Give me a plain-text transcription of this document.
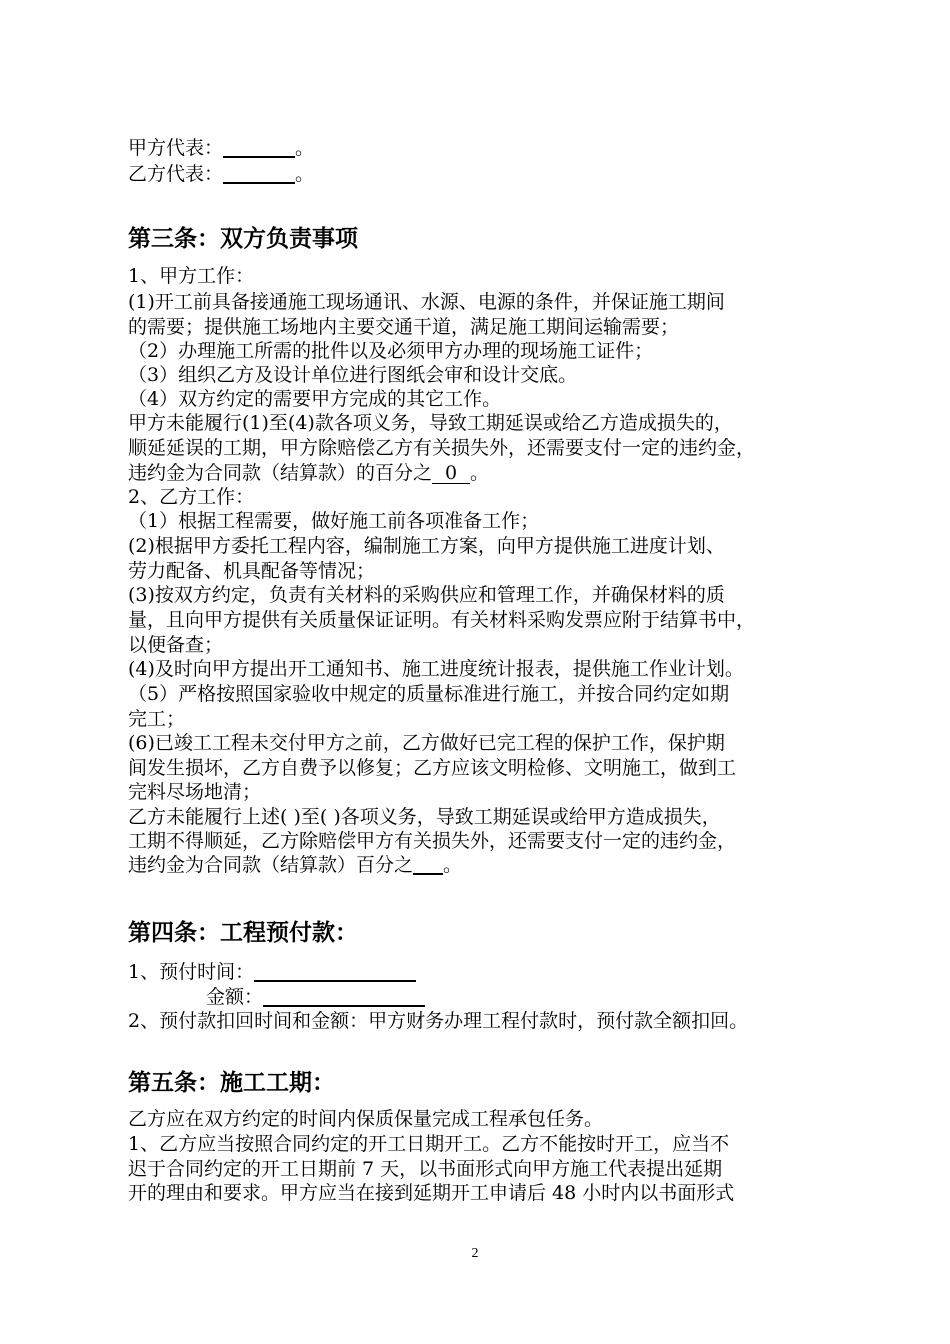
甲方代表：	。
乙方代表：	。
第三条：双方负责事项
1、甲方工作：
(1)开工前具备接通施工现场通讯、水源、电源的条件，并保证施工期间
的需要；提供施工场地内主要交通干道，满足施工期间运输需要；
（2）办理施工所需的批件以及必须甲方办理的现场施工证件；
（3）组织乙方及设计单位进行图纸会审和设计交底。
（4）双方约定的需要甲方完成的其它工作。
甲方未能履行(1)至(4)款各项义务，导致工期延误或给乙方造成损失的，
顺延延误的工期，甲方除赔偿乙方有关损失外，还需要支付一定的违约金，
违约金为合同款（结算款）的百分之 0 。
2、乙方工作：
（1）根据工程需要，做好施工前各项准备工作；
(2)根据甲方委托工程内容，编制施工方案，向甲方提供施工进度计划、
劳力配备、机具配备等情况；
(3)按双方约定，负责有关材料的采购供应和管理工作，并确保材料的质
量，且向甲方提供有关质量保证证明。有关材料采购发票应附于结算书中，
以便备查；
(4)及时向甲方提出开工通知书、施工进度统计报表，提供施工作业计划。
（5）严格按照国家验收中规定的质量标准进行施工，并按合同约定如期
完工；
(6)已竣工工程未交付甲方之前，乙方做好已完工程的保护工作，保护期
间发生损坏，乙方自费予以修复；乙方应该文明检修、文明施工，做到工
完料尽场地清；
乙方未能履行上述( )至( )各项义务，导致工期延误或给甲方造成损失，
工期不得顺延，乙方除赔偿甲方有关损失外，还需要支付一定的违约金，
违约金为合同款（结算款）百分之 。
第四条：工程预付款：
1、预付时间：
金额：
2、预付款扣回时间和金额：甲方财务办理工程付款时，预付款全额扣回。
第五条：施工工期：
乙方应在双方约定的时间内保质保量完成工程承包任务。
1、乙方应当按照合同约定的开工日期开工。乙方不能按时开工，应当不
迟于合同约定的开工日期前 7 天，以书面形式向甲方施工代表提出延期
开的理由和要求。甲方应当在接到延期开工申请后 48 小时内以书面形式
2
